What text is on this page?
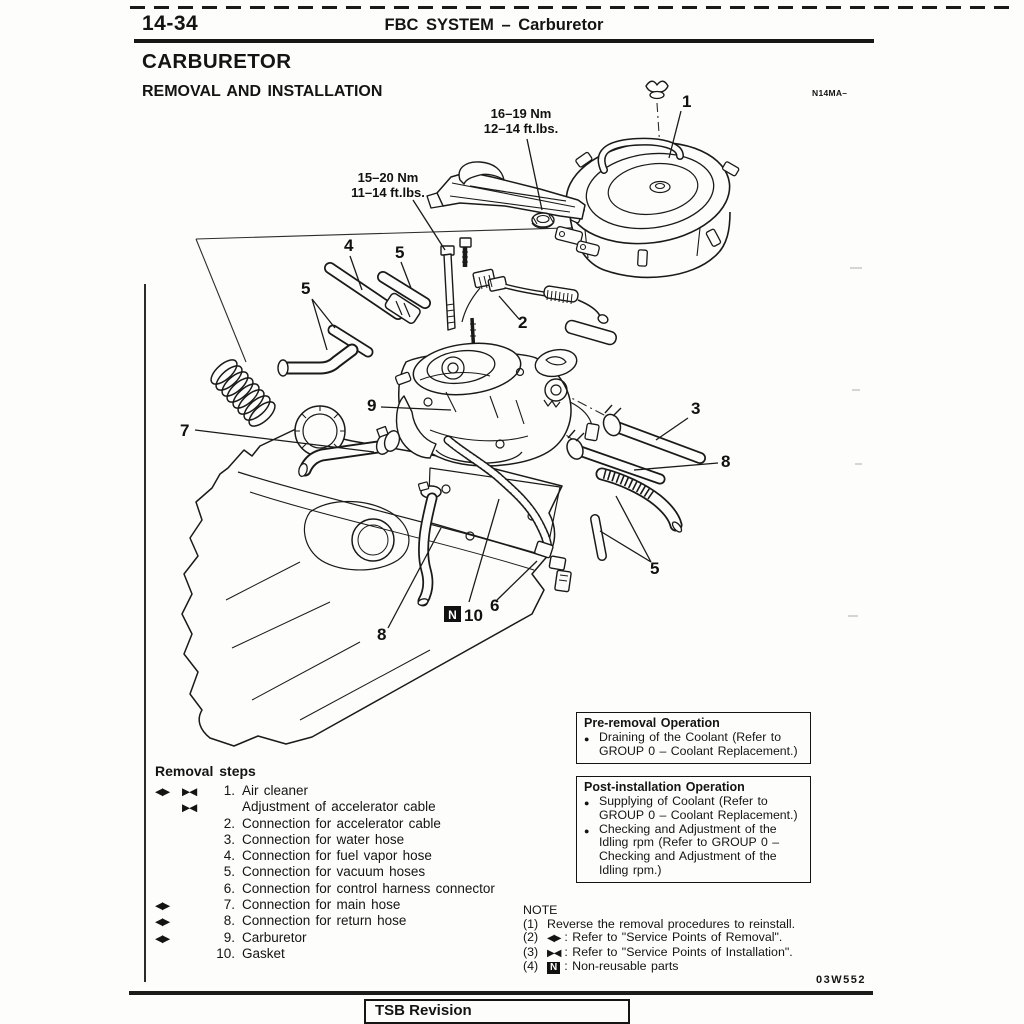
14-34	FBC SYSTEM – Carburetor
CARBURETOR
REMOVAL AND INSTALLATION	N14MA–
16–19 Nm
12–14 ft.lbs.
15–20 Nm
11–14 ft.lbs.
1
2
3
4 5
5
5
6
7
8
8
9
N 10
Removal steps
◀▶	▶◀	1. Air cleaner
▶◀	Adjustment of accelerator cable
2. Connection for accelerator cable
3. Connection for water hose
4. Connection for fuel vapor hose
5. Connection for vacuum hoses
6. Connection for control harness connector
◀▶	7. Connection for main hose
◀▶	8. Connection for return hose
◀▶	9. Carburetor
10. Gasket
Pre-removal Operation
● Draining of the Coolant (Refer to GROUP 0 – Coolant Replacement.)
Post-installation Operation
● Supplying of Coolant (Refer to GROUP 0 – Coolant Replacement.)
● Checking and Adjustment of the Idling rpm (Refer to GROUP 0 – Checking and Adjustment of the Idling rpm.)
NOTE
(1) Reverse the removal procedures to reinstall.
(2) ◀▶ : Refer to "Service Points of Removal".
(3) ▶◀ : Refer to "Service Points of Installation".
(4)	N : Non-reusable parts
03W552
TSB Revision
